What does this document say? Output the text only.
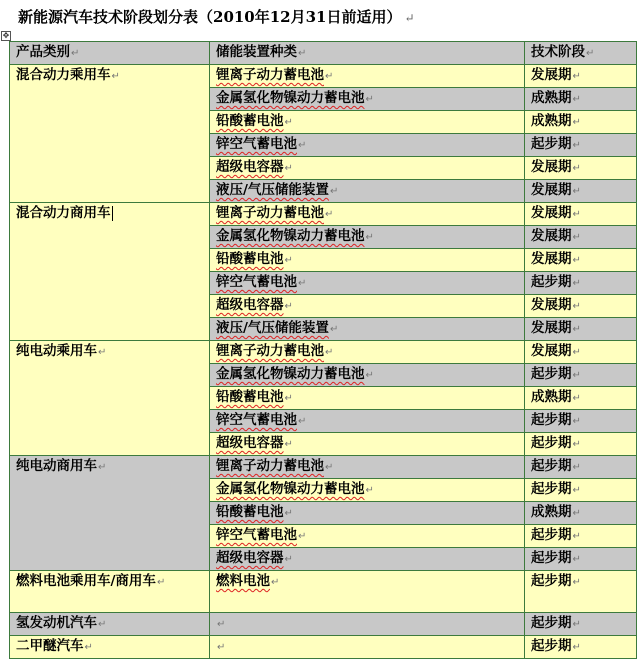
新能源汽车技术阶段划分表（2010年12月31日前适用） ↵
✥
产品类别↵	储能装置种类↵	技术阶段↵
混合动力乘用车↵	锂离子动力蓄电池↵	发展期↵
	金属氢化物镍动力蓄电池↵	成熟期↵
	铅酸蓄电池↵	成熟期↵
	锌空气蓄电池↵	起步期↵
	超级电容器↵	发展期↵
	液压/气压储能装置↵	发展期↵
混合动力商用车	锂离子动力蓄电池↵	发展期↵
	金属氢化物镍动力蓄电池↵	发展期↵
	铅酸蓄电池↵	发展期↵
	锌空气蓄电池↵	起步期↵
	超级电容器↵	发展期↵
	液压/气压储能装置↵	发展期↵
纯电动乘用车↵	锂离子动力蓄电池↵	发展期↵
	金属氢化物镍动力蓄电池↵	起步期↵
	铅酸蓄电池↵	成熟期↵
	锌空气蓄电池↵	起步期↵
	超级电容器↵	起步期↵
纯电动商用车↵	锂离子动力蓄电池↵	起步期↵
	金属氢化物镍动力蓄电池↵	起步期↵
	铅酸蓄电池↵	成熟期↵
	锌空气蓄电池↵	起步期↵
	超级电容器↵	起步期↵
燃料电池乘用车/商用车↵	燃料电池↵	起步期↵
氢发动机汽车↵	↵	起步期↵
二甲醚汽车↵	↵	起步期↵
